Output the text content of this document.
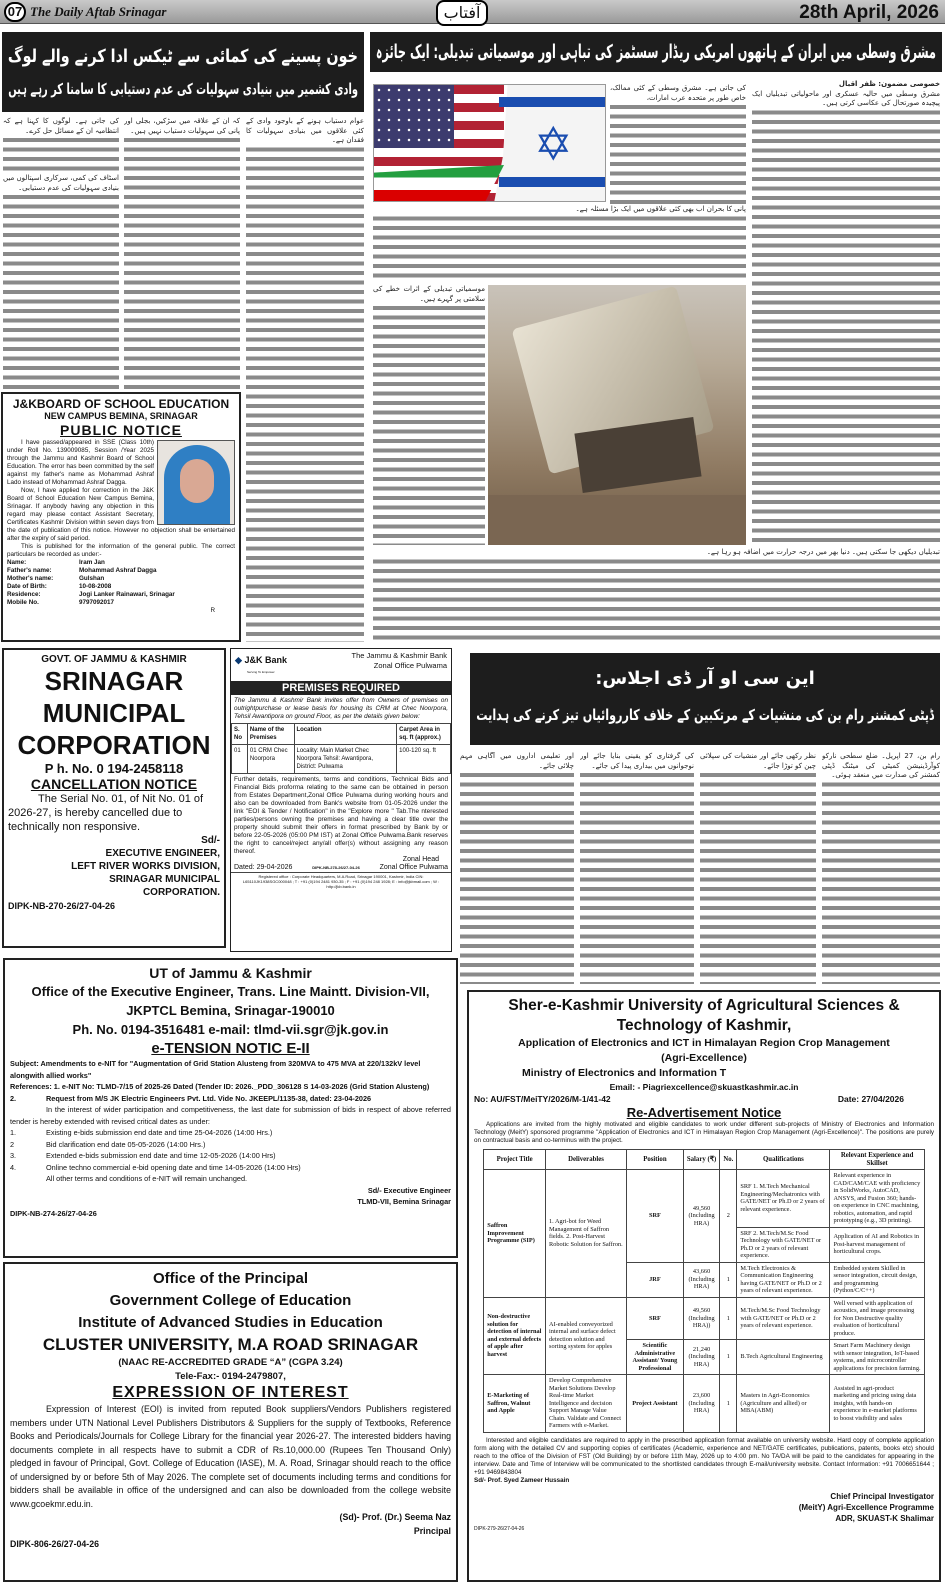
07 The Daily Aftab Srinagar	آفتاب	28th April, 2026
خون پسینے کی کمائی سے ٹیکس ادا کرنے والے لوگ
وادی کشمیر میں بنیادی سہولیات کی عدم دستیابی کا سامنا کر رہے ہیں
عوام دستیاب ہونے کے باوجود وادی کے کئی علاقوں میں بنیادی سہولیات کا فقدان ہے۔
کہ ان کے علاقہ میں سڑکیں، بجلی اور پانی کی سہولیات دستیاب نہیں ہیں۔
کی جاتی ہے۔ لوگوں کا کہنا ہے کہ انتظامیہ ان کے مسائل حل کرے۔
اسٹاف کی کمی، سرکاری اسپتالوں میں بنیادی سہولیات کی عدم دستیابی۔
J&KBOARD OF SCHOOL EDUCATION
NEW CAMPUS BEMINA, SRINAGAR
PUBLIC NOTICE

I have passed/appeared in SSE (Class 10th) under Roll No. 139009085, Session /Year 2025 through the Jammu and Kashmir Board of School Education. The error has been committed by the self against my father's name as Mohammad Ashraf Lado instead of Mohammad Ashraf Dagga.

Now, I have applied for correction in the J&K Board of School Education New Campus Bemina, Srinagar. If anybody having any objection in this regard may please contact Assistant Secretary, Certificates Kashmir Division within seven days from the date of publication of this notice. However no objection shall be entertained after the expiry of said period.

This is published for the information of the general public. The correct particulars be recorded as under:-

Name:	Iram Jan
Father's name:	Mohammad Ashraf Dagga
Mother's name:	Gulshan
Date of Birth:	10-08-2008
Residence:	Jogi Lanker Rainawari, Srinagar
Mobile No.	9797092017
R
مشرق وسطی میں ایران کے ہاتھوں امریکی ریڈار سسٹمز کی تباہی اور موسمیاتی تبدیلی: ایک جائزہ
✡
خصوصی مضمون: ظفر اقبال
مشرق وسطی میں حالیہ عسکری اور ماحولیاتی تبدیلیاں ایک پیچیدہ صورتحال کی عکاسی کرتی ہیں۔
کی جاتی ہے۔ مشرق وسطی کے کئی ممالک، خاص طور پر متحدہ عرب امارات،
پانی کا بحران اب بھی کئی علاقوں میں ایک بڑا مسئلہ ہے۔
موسمیاتی تبدیلی کے اثرات خطے کی سلامتی پر گہرے ہیں۔
تبدیلیاں دیکھی جا سکتی ہیں۔ دنیا بھر میں درجہ حرارت میں اضافہ ہو رہا ہے۔
GOVT. OF JAMMU & KASHMIR
SRINAGAR
MUNICIPAL
CORPORATION
P h. No. 0 194-2458118
CANCELLATION NOTICE
The Serial No. 01, of Nit No. 01 of 2026-27, is hereby cancelled due to technically non responsive.
Sd/-
EXECUTIVE ENGINEER,
LEFT RIVER WORKS DIVISION,
SRINAGAR MUNICIPAL
CORPORATION.
DIPK-NB-270-26/27-04-26
◆ J&K Bank
Serving To Empower
The Jammu & Kashmir Bank
Zonal Office Pulwama
PREMISES REQUIRED
The Jammu & Kashmir Bank invites offer from Owners of premises on outrightpurchase or lease basis for housing its CRM at Chec Noorpora, Tehsil Awantipora on ground Floor, as per the details given below:
S. No	Name of the Premises	Location	Carpet Area in sq. ft (approx.)
01	01 CRM Chec Noorpora	Locality: Main Market Chec Noorpora Tehsil: Awantipora, District: Pulwama	100-120 sq. ft
Further details, requirements, terms and conditions, Technical Bids and Financial Bids proforma relating to the same can be obtained in person from Estates Department,Zonal Office Pulwama during working hours and also can be downloaded from Bank's website from 01-05-2026 under the link "EOI & Tender / Notification" in the "Explore more " Tab.The nterested parties/persons owning the premises and having a clear title over the property should submit their offers in format prescribed by Bank by or before 22-05-2026 (05:00 PM IST) at Zonal Office Pulwama.Bank reserves the right to cancel/reject any/all offer(s) without assigning any reason thereof.
Zonal Head
Dated: 29-04-2026	DIPK-NB-278-26/27-04-26	Zonal Office Pulwama
Registered office : Corporate Headquarters, M.A.Road, Srinagar 190001, Kashmir, India CIN: L65110JK1938SGC000048 ; T : +91 (0)194 2481 930-35 ; F : +91 (0)194 248 1928; E : info@jkbmail.com ; W : http://jkb.bank.in
این سی او آر ڈی اجلاس:
ڈپٹی کمشنر رام بن کی منشیات کے مرتکبین کے خلاف کارروائیاں تیز کرنے کی ہدایت
رام بن، 27 اپریل۔ ضلع سطحی نارکو کوآرڈینیشن کمیٹی کی میٹنگ ڈپٹی کمشنر کی صدارت میں منعقد ہوئی۔
نظر رکھی جائے اور منشیات کی سپلائی چین کو توڑا جائے۔
کی گرفتاری کو یقینی بنایا جائے اور نوجوانوں میں بیداری پیدا کی جائے۔
اور تعلیمی اداروں میں آگاہی مہم چلائی جائے۔
UT of Jammu & Kashmir
Office of the Executive Engineer, Trans. Line Maintt. Division-VII,
JKPTCL Bemina, Srinagar-190010
Ph. No. 0194-3516481 e-mail: tlmd-vii.sgr@jk.gov.in
e-TENSION NOTIC E-II
Subject: Amendments to e-NIT for "Augmentation of Grid Station Alusteng from 320MVA to 475 MVA at 220/132kV level alongwith allied works"
References: 1. e-NIT No: TLMD-7/15 of 2025-26 Dated (Tender ID: 2026._PDD_306128 S 14-03-2026 (Grid Station Alusteng)
2.	Request from M/S JK Electric Engineers Pvt. Ltd. Vide No. JKEEPL/1135-38, dated: 23-04-2026
In the interest of wider participation and competitiveness, the last date for submission of bids in respect of above referred tender is hereby extended with revised critical dates as under:
1.	Existing e-bids submission end date and time 25-04-2026 (14:00 Hrs.)
2	Bid clarification end date 05-05-2026 (14:00 Hrs.)
3.	Extended e-bids submission end date and time 12-05-2026 (14:00 Hrs)
4.	Online techno commercial e-bid opening date and time 14-05-2026 (14:00 Hrs)
All other terms and conditions of e-NIT will remain unchanged.
Sd/- Executive Engineer
TLMD-VII, Bemina Srinagar
DIPK-NB-274-26/27-04-26
Office of the Principal
Government College of Education
Institute of Advanced Studies in Education
CLUSTER UNIVERSITY, M.A ROAD SRINAGAR
(NAAC RE-ACCREDITED GRADE “A” (CGPA 3.24)
Tele-Fax:- 0194-2479807,
EXPRESSION OF INTEREST
Expression of Interest (EOI) is invited from reputed Book suppliers/Vendors Publishers registered members under UTN National Level Publishers Distributors & Suppliers for the supply of Textbooks, Reference Books and Periodicals/Journals for College Library for the financial year 2026-27. The interested bidders having documents complete in all respects have to submit a CDR of Rs.10,000.00 (Rupees Ten Thousand Only) pledged in favour of Principal, Govt. College of Education (IASE), M. A. Road, Srinagar should reach to the office of undersigned by or before 5th of May 2026. The complete set of documents including terms and conditions for bidders shall be available in office of the undersigned and can also be downloaded from the college website www.gcoekmr.edu.in.
(Sd)- Prof. (Dr.) Seema Naz
Principal
DIPK-806-26/27-04-26
Sher-e-Kashmir University of Agricultural Sciences &
Technology of Kashmir,
Application of Electronics and ICT in Himalayan Region Crop Management
(Agri-Excellence)
Ministry of Electronics and Information T
Email: - Piagriexcellence@skuastkashmir.ac.in
No: AU/FST/MeiTY/2026/M-1/41-42	Date: 27/04/2026
Re-Advertisement Notice
Applications are invited from the highly motivated and eligible candidates to work under different sub-projects of Ministry of Electronics and Information Technology (MeitY) sponsored programme "Application of Electronics and ICT in Himalayan Region Crop Management (Agri-Excellence)". The positions are purely on contractual basis and co-terminus with the project.
Project Title	Deliverables	Position	Salary (₹)	No.	Qualifications	Relevant Experience and Skillset
Saffron Improvement Programme (SIP)	1. Agri-bot for Weed Management of Saffron fields. 2. Post-Harvest Robotic Solution for Saffron.	SRF	49,560 (Including HRA)	2	SRF 1. M.Tech Mechanical Engineering/Mechatronics with GATE/NET or Ph.D or 2 years of relevant experience.	Relevant experience in CAD/CAM/CAE with proficiency in SolidWorks, AutoCAD, ANSYS, and Fusion 360; hands-on experience in CNC machining, robotics, automation, and rapid prototyping (e.g., 3D printing).
					SRF 2. M.Tech/M.Sc Food Technology with GATE/NET or Ph.D or 2 years of relevant experience.	Application of AI and Robotics in Post-harvest management of horticultural crops.
		JRF	43,660 (Including HRA)	1	M.Tech Electronics & Communication Engineering having GATE/NET or Ph.D or 2 years of relevant experience.	Embedded system Skilled in sensor integration, circuit design, and programming (Python/C/C++)
Non-destructive solution for detection of internal and external defects of apple after harvest	AI-enabled conveyorized internal and surface defect detection solution and sorting system for apples	SRF	49,560 (Including HRA))	1	M.Tech/M.Sc Food Technology with GATE/NET or Ph.D or 2 years of relevant experience.	Well versed with application of acoustics, and image processing for Non Destructive quality evaluation of horticultural produce.
		Scientific Administrative Assistant/ Young Professional	21,240 (Including HRA)	1	B.Tech Agricultural Engineering	Smart Farm Machinery design with sensor integration, IoT-based systems, and microcontroller applications for precision farming.
E-Marketing of Saffron, Walnut and Apple	Develop Comprehensive Market Solutions Develop Real-time Market Intelligence and decision Support Manage Value Chain. Validate and Connect Farmers with e-Market.	Project Assistant	23,600 (Including HRA)	1	Masters in Agri-Economics (Agriculture and allied) or MBA(ABM)	Assisted in agri-product marketing and pricing using data insights, with hands-on experience in e-market platforms to boost visibility and sales
Interested and eligible candidates are required to apply in the prescribed application format available on university website. Hard copy of complete application form along with the detailed CV and supporting copies of certificates (Academic, experience and NET/GATE certificates, publications, patents, books etc) should reach to the office of the Division of FST (Old Building) by or before 11th May, 2026 up to 4:00 pm. No TA/DA will be paid to the candidates for appearing in the interview. Date and Time of Interview will be communicated to the shortlisted candidates through E-mail/university website. Contact Information: +91 7006651644 ; +91 9469843804
Sd/- Prof. Syed Zameer Hussain
Chief Principal Investigator
(MeitY) Agri-Excellence Programme
ADR, SKUAST-K Shalimar
DIPK-279-26/27-04-26
